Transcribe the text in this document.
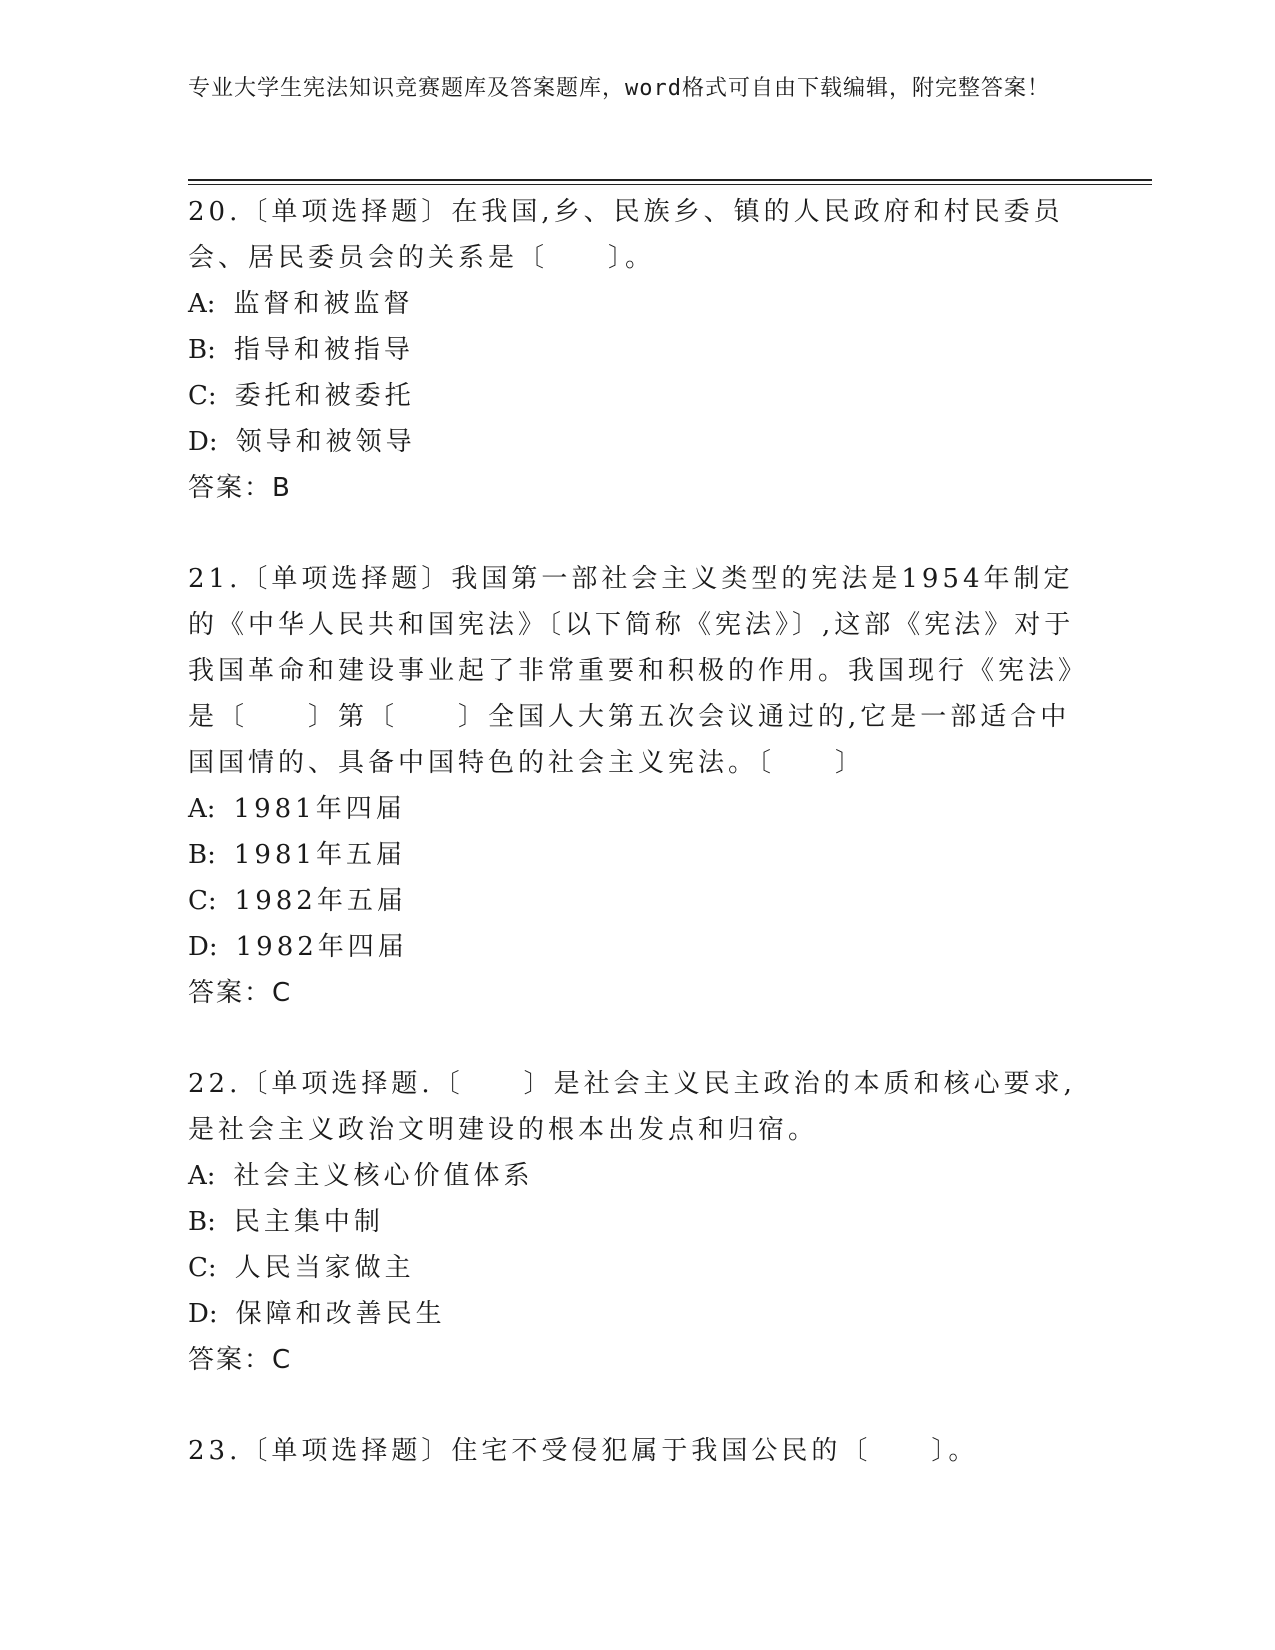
专业大学生宪法知识竞赛题库及答案题库，word格式可自由下载编辑，附完整答案！

20.〔单项选择题〕在我国,乡、民族乡、镇的人民政府和村民委员会、居民委员会的关系是〔　　〕。

A: 监督和被监督
B: 指导和被指导
C: 委托和被委托
D: 领导和被领导
答案：B

21.〔单项选择题〕我国第一部社会主义类型的宪法是1954年制定的《中华人民共和国宪法》〔以下简称《宪法》〕,这部《宪法》对于我国革命和建设事业起了非常重要和积极的作用。我国现行《宪法》是〔　　〕第〔　　〕全国人大第五次会议通过的,它是一部适合中国国情的、具备中国特色的社会主义宪法。〔　　〕

A: 1981年四届
B: 1981年五届
C: 1982年五届
D: 1982年四届
答案：C

22.〔单项选择题.〔　　〕是社会主义民主政治的本质和核心要求,是社会主义政治文明建设的根本出发点和归宿。

A: 社会主义核心价值体系
B: 民主集中制
C: 人民当家做主
D: 保障和改善民生
答案：C

23.〔单项选择题〕住宅不受侵犯属于我国公民的〔　　〕。
